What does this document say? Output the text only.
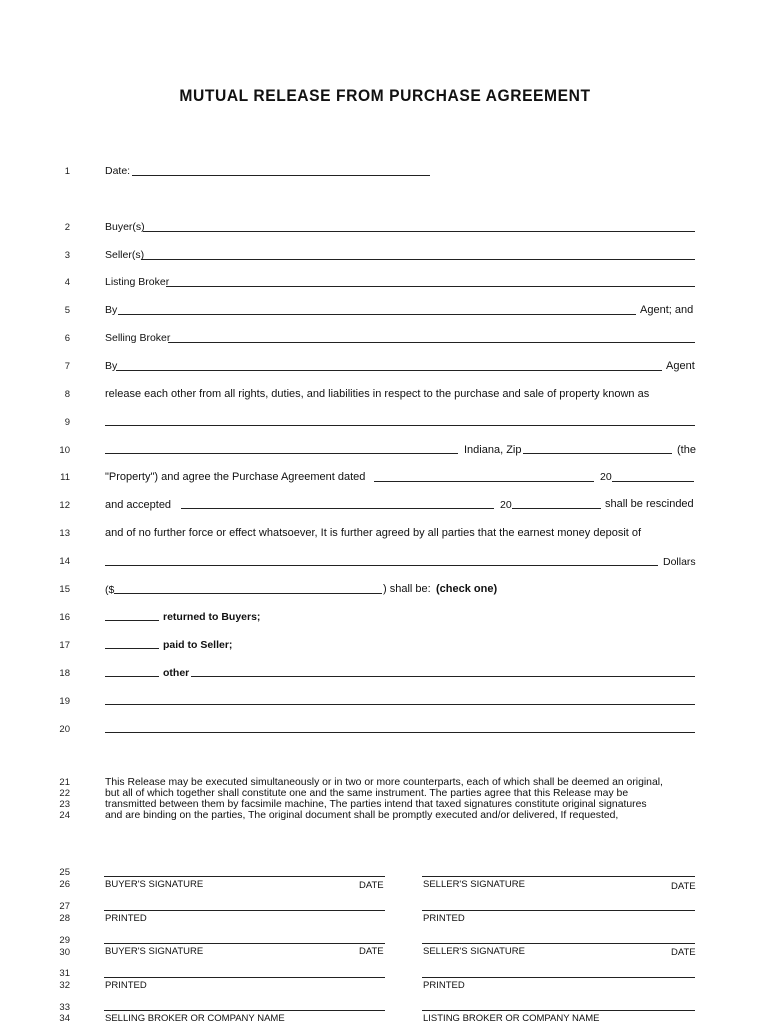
MUTUAL RELEASE FROM PURCHASE AGREEMENT
1	Date:
2	Buyer(s)
3	Seller(s)
4	Listing Broker
5	By	Agent; and
6	Selling Broker
7	By	Agent
8	release each other from all rights, duties, and liabilities in respect to the purchase and sale of property known as
9
10	Indiana, Zip	(the
11	"Property") and agree the Purchase Agreement dated	20
12	and accepted	20	shall be rescinded
13	and of no further force or effect whatsoever, It is further agreed by all parties that the earnest money deposit of
14	Dollars
15	($	) shall be: (check one)
16	returned to Buyers;
17	paid to Seller;
18	other
19
20
21
22
23
24
This Release may be executed simultaneously or in two or more counterparts, each of which shall be deemed an original,
but all of which together shall constitute one and the same instrument. The parties agree that this Release may be
transmitted between them by facsimile machine, The parties intend that taxed signatures constitute original signatures
and are binding on the parties, The original document shall be promptly executed and/or delivered, If requested,
25
26	BUYER'S SIGNATURE	DATE	SELLER'S SIGNATURE	DATE
27
28	PRINTED	PRINTED
29
30	BUYER'S SIGNATURE	DATE	SELLER'S SIGNATURE	DATE
31
32	PRINTED	PRINTED
33
34	SELLING BROKER OR COMPANY NAME	LISTING BROKER OR COMPANY NAME
